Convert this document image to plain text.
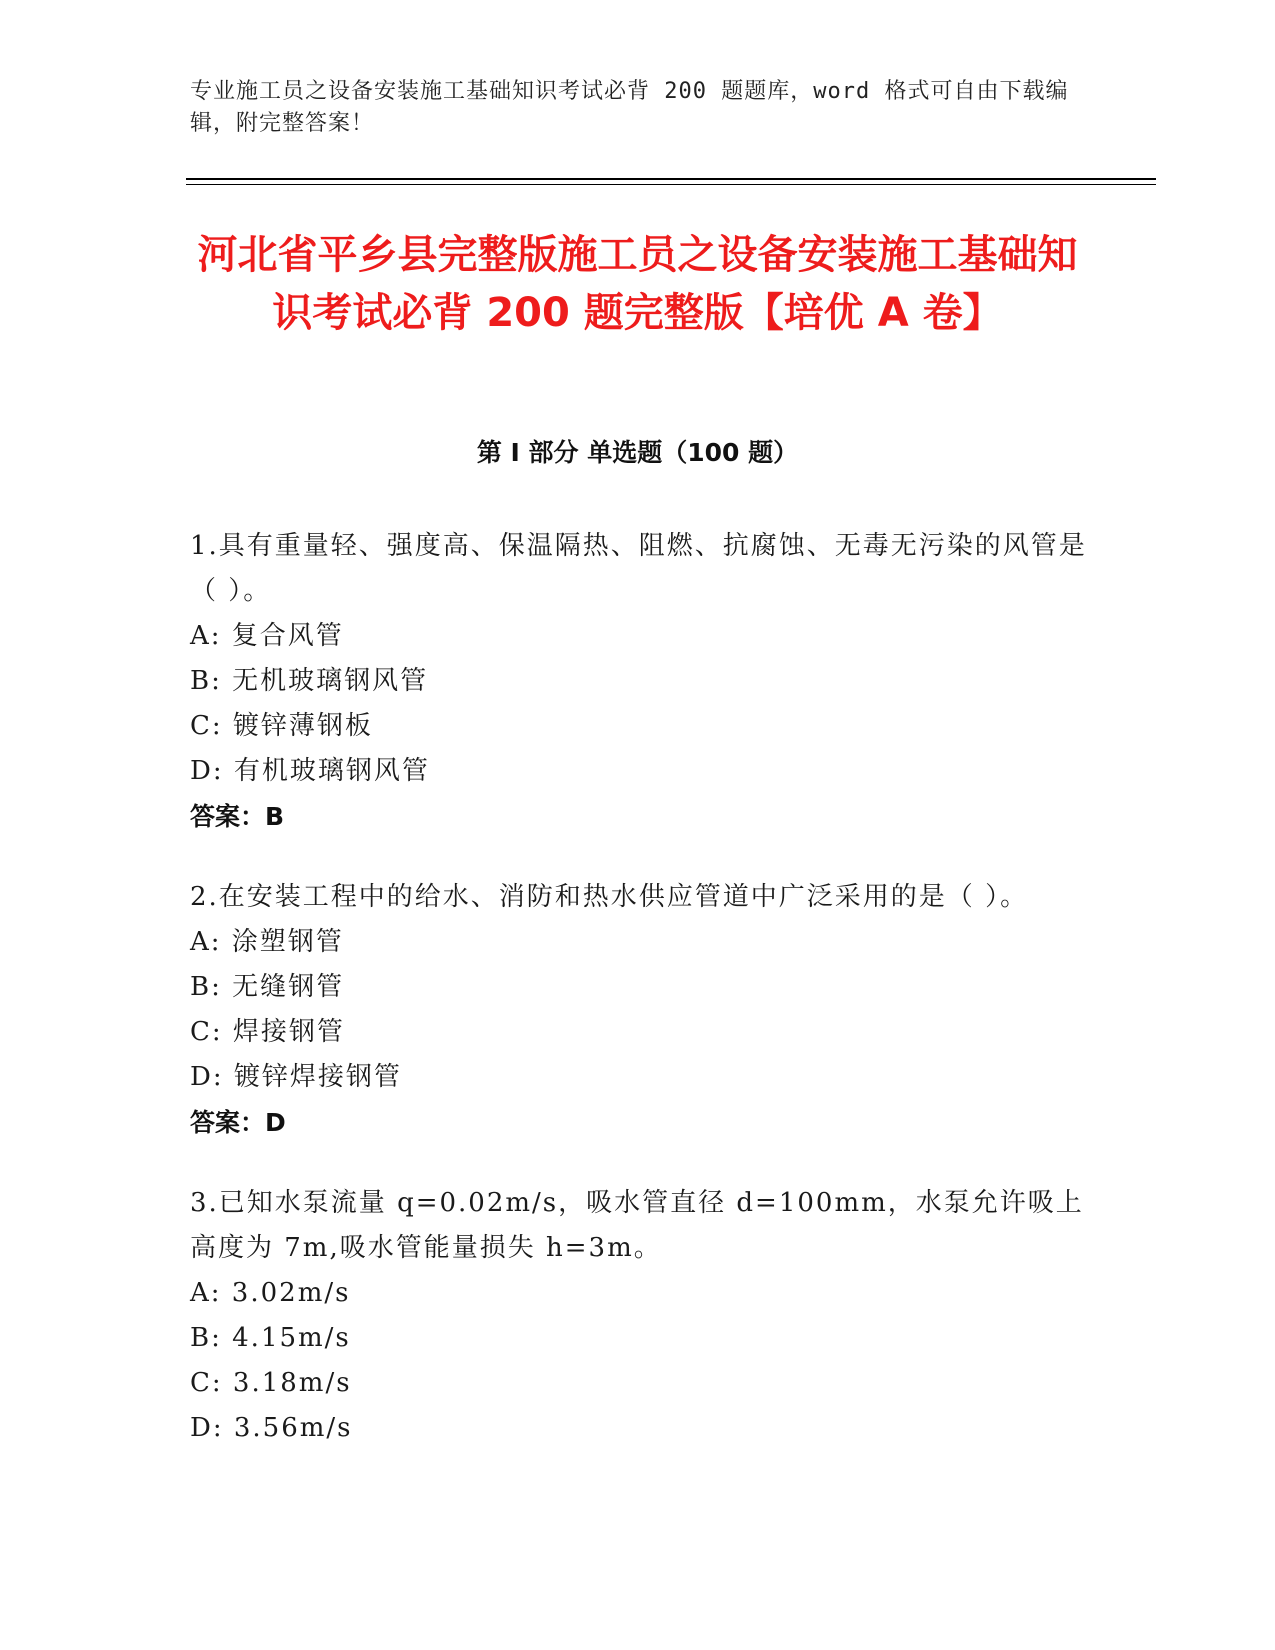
专业施工员之设备安装施工基础知识考试必背 200 题题库，word 格式可自由下载编辑，附完整答案！
河北省平乡县完整版施工员之设备安装施工基础知识考试必背 200 题完整版【培优 A 卷】
第 I 部分 单选题（100 题）
1.具有重量轻、强度高、保温隔热、阻燃、抗腐蚀、无毒无污染的风管是（ ）。
A: 复合风管
B: 无机玻璃钢风管
C: 镀锌薄钢板
D: 有机玻璃钢风管
答案：B
2.在安装工程中的给水、消防和热水供应管道中广泛采用的是（ ）。
A: 涂塑钢管
B: 无缝钢管
C: 焊接钢管
D: 镀锌焊接钢管
答案：D
3.已知水泵流量 q=0.02m/s，吸水管直径 d=100mm，水泵允许吸上高度为 7m,吸水管能量损失 h=3m。
A: 3.02m/s
B: 4.15m/s
C: 3.18m/s
D: 3.56m/s
